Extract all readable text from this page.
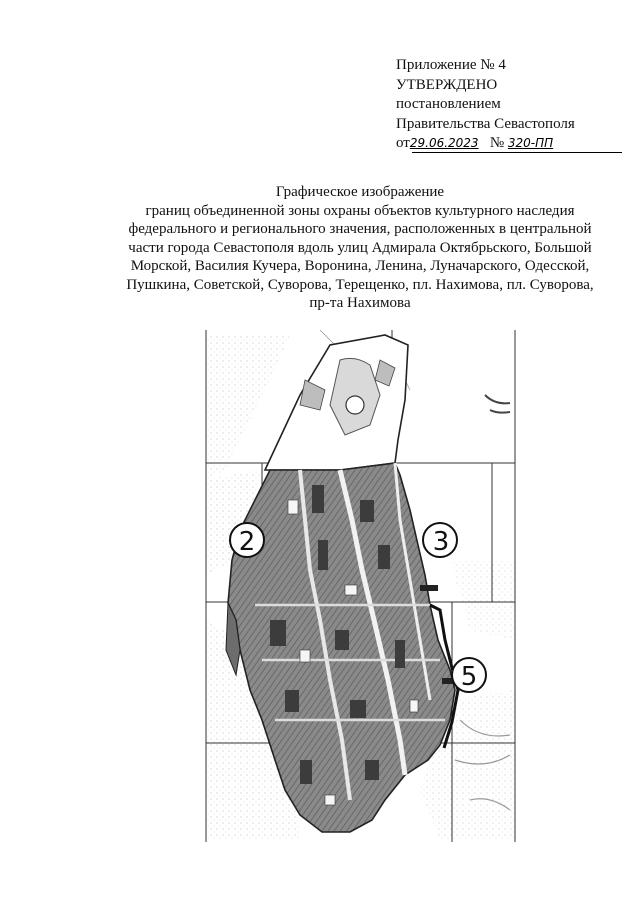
Приложение № 4
УТВЕРЖДЕНО
постановлением
Правительства Севастополя
от29.06.2023 № 320-ПП
Графическое изображение
границ объединенной зоны охраны объектов культурного наследия
федерального и регионального значения, расположенных в центральной
части города Севастополя вдоль улиц Адмирала Октябрьского, Большой
Морской, Василия Кучера, Воронина, Ленина, Луначарского, Одесской,
Пушкина, Советской, Суворова, Терещенко, пл. Нахимова, пл. Суворова,
пр-та Нахимова
2	3
5
